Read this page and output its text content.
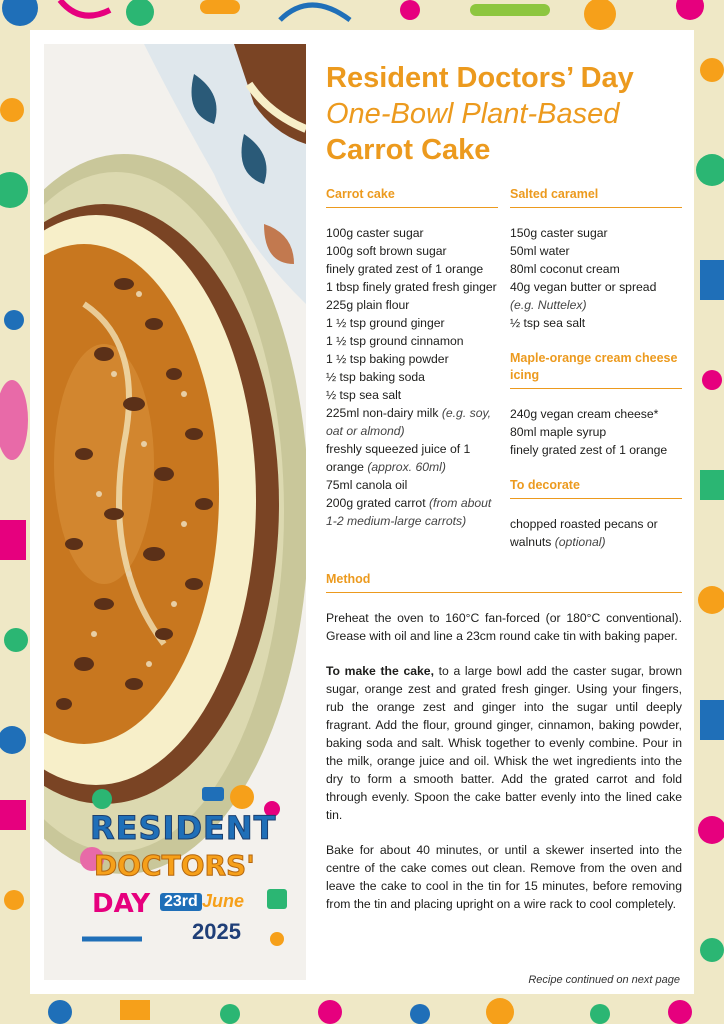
RESIDENT
DOCTORS'
DAY 23rd June
2025
Resident Doctors’ Day
One-Bowl Plant-Based
Carrot Cake
Carrot cake
100g caster sugar
100g soft brown sugar
finely grated zest of 1 orange
1 tbsp finely grated fresh ginger
225g plain flour
1 ½ tsp ground ginger
1 ½ tsp ground cinnamon
1 ½ tsp baking powder
½ tsp baking soda
½ tsp sea salt
225ml non-dairy milk (e.g. soy, oat or almond)
freshly squeezed juice of 1 orange (approx. 60ml)
75ml canola oil
200g grated carrot (from about 1-2 medium-large carrots)
Salted caramel
150g caster sugar
50ml water
80ml coconut cream
40g vegan butter or spread (e.g. Nuttelex)
½ tsp sea salt
Maple-orange cream cheese icing
240g vegan cream cheese*
80ml maple syrup
finely grated zest of 1 orange
To decorate
chopped roasted pecans or walnuts (optional)
Method

Preheat the oven to 160°C fan-forced (or 180°C conventional). Grease with oil and line a 23cm round cake tin with baking paper.

To make the cake, to a large bowl add the caster sugar, brown sugar, orange zest and grated fresh ginger. Using your fingers, rub the orange zest and ginger into the sugar until deeply fragrant. Add the flour, ground ginger, cinnamon, baking powder, baking soda and salt. Whisk together to evenly combine. Pour in the milk, orange juice and oil. Whisk the wet ingredients into the dry to form a smooth batter. Add the grated carrot and fold through evenly. Spoon the cake batter evenly into the lined cake tin.

Bake for about 40 minutes, or until a skewer inserted into the centre of the cake comes out clean. Remove from the oven and leave the cake to cool in the tin for 15 minutes, before removing from the tin and placing upright on a wire rack to cool completely.

Recipe continued on next page
